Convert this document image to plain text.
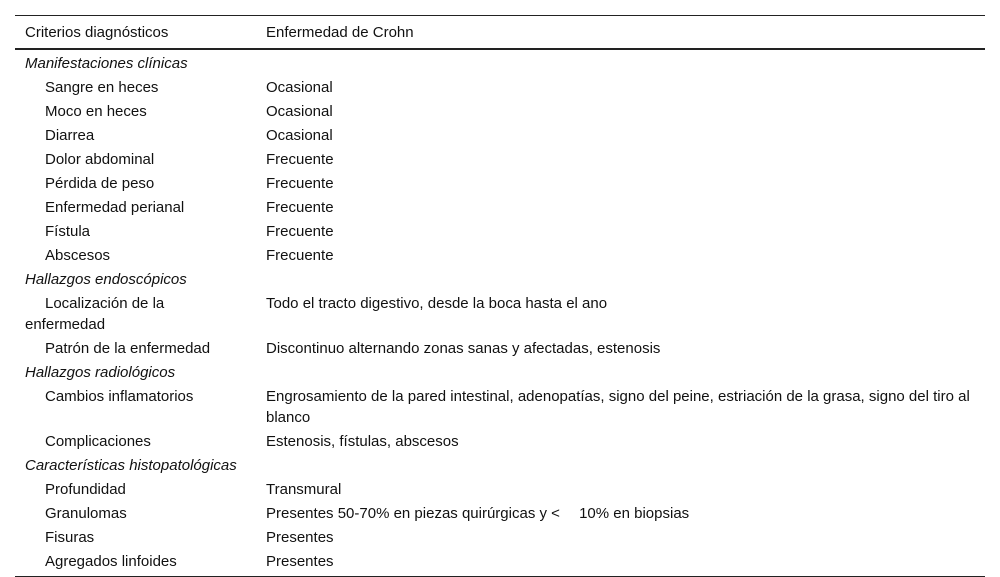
Criterios diagnósticos	Enfermedad de Crohn
Manifestaciones clínicas	
Sangre en heces	Ocasional
Moco en heces	Ocasional
Diarrea	Ocasional
Dolor abdominal	Frecuente
Pérdida de peso	Frecuente
Enfermedad perianal	Frecuente
Fístula	Frecuente
Abscesos	Frecuente
Hallazgos endoscópicos	
Localización de la enfermedad	Todo el tracto digestivo, desde la boca hasta el ano
Patrón de la enfermedad	Discontinuo alternando zonas sanas y afectadas, estenosis
Hallazgos radiológicos	
Cambios inflamatorios	Engrosamiento de la pared intestinal, adenopatías, signo del peine, estriación de la grasa, signo del tiro al blanco
Complicaciones	Estenosis, fístulas, abscesos
Características histopatológicas	
Profundidad	Transmural
Granulomas	Presentes 50-70% en piezas quirúrgicas y <  10% en biopsias
Fisuras	Presentes
Agregados linfoides	Presentes
